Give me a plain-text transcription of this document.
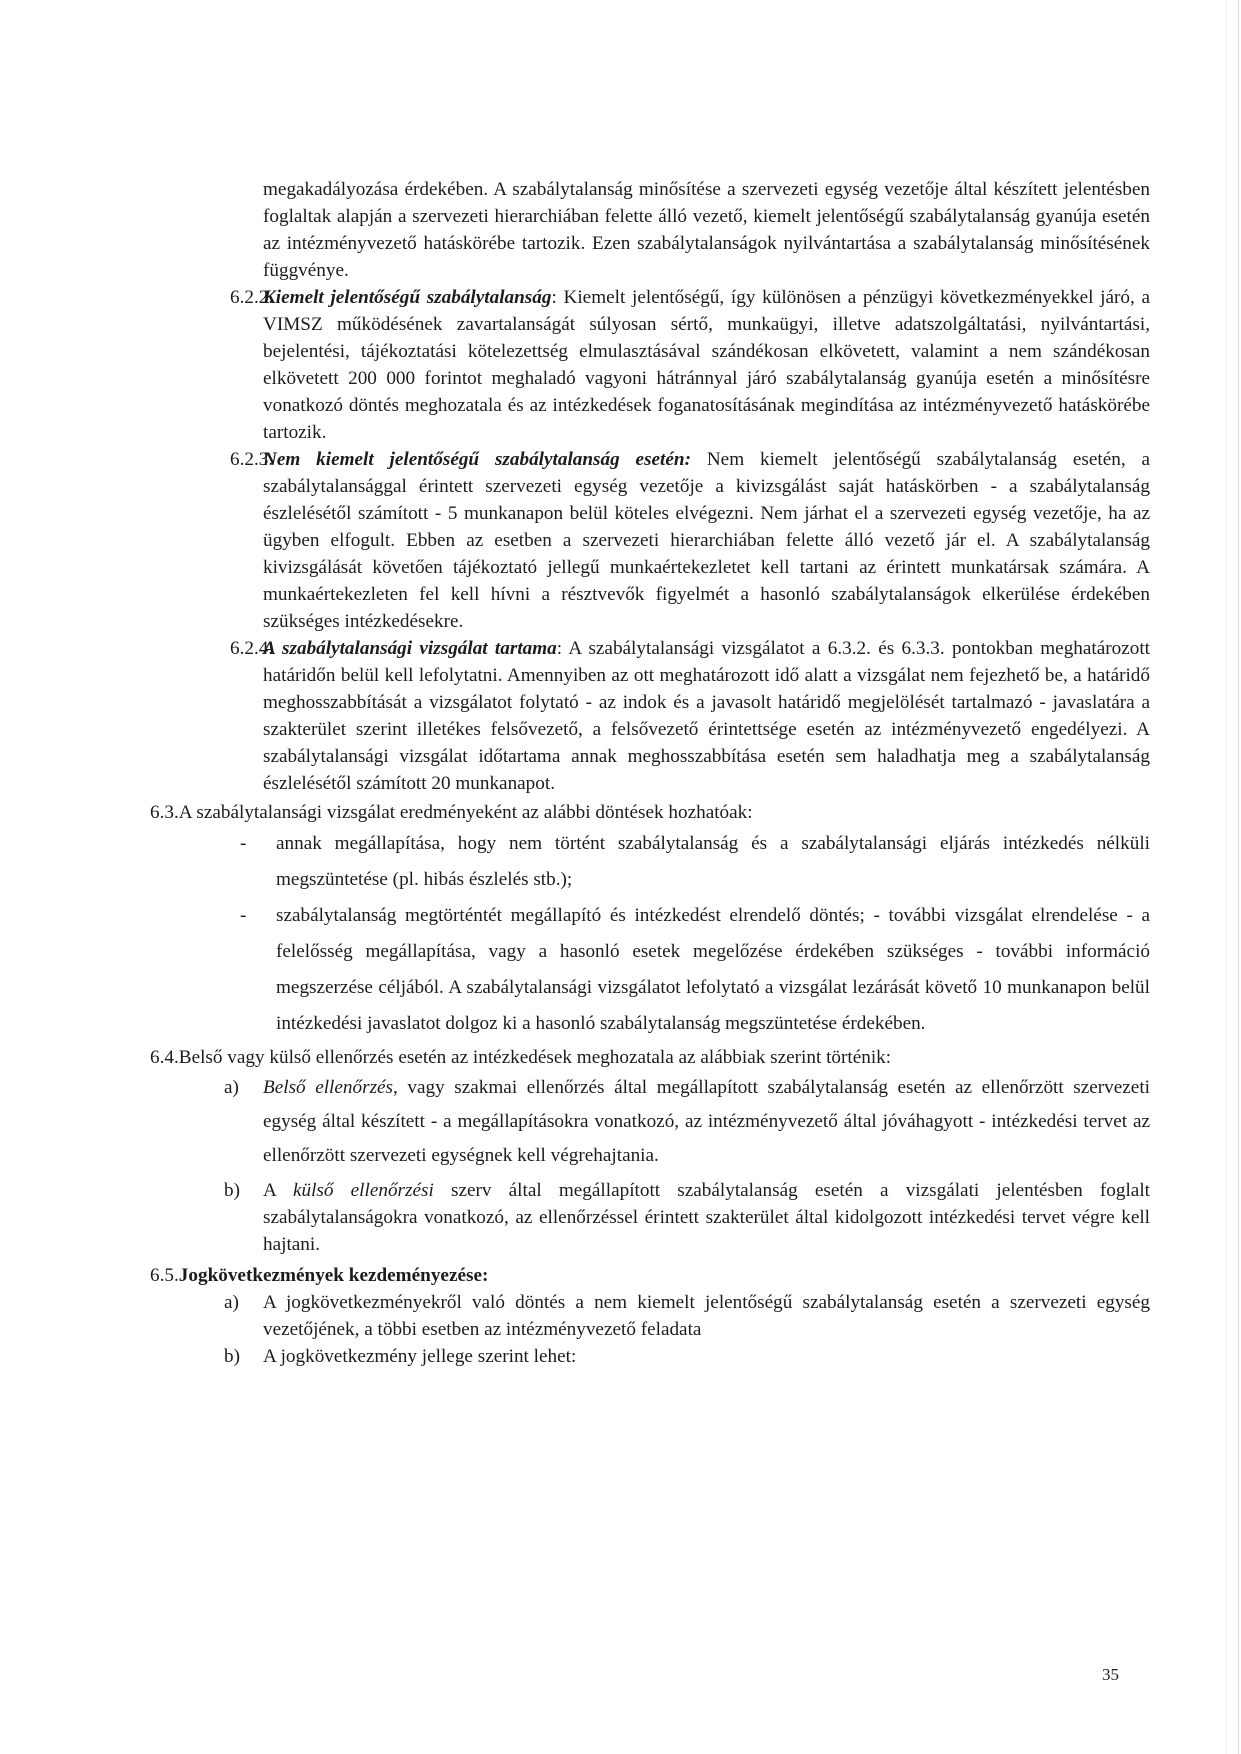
megakadályozása érdekében. A szabálytalanság minősítése a szervezeti egység vezetője által készített jelentésben foglaltak alapján a szervezeti hierarchiában felette álló vezető, kiemelt jelentőségű szabálytalanság gyanúja esetén az intézményvezető hatáskörébe tartozik. Ezen szabálytalanságok nyilvántartása a szabálytalanság minősítésének függvénye.

6.2.2.

Kiemelt jelentőségű szabálytalanság: Kiemelt jelentőségű, így különösen a pénzügyi következményekkel járó, a VIMSZ működésének zavartalanságát súlyosan sértő, munkaügyi, illetve adatszolgáltatási, nyilvántartási, bejelentési, tájékoztatási kötelezettség elmulasztásával szándékosan elkövetett, valamint a nem szándékosan elkövetett 200 000 forintot meghaladó vagyoni hátránnyal járó szabálytalanság gyanúja esetén a minősítésre vonatkozó döntés meghozatala és az intézkedések foganatosításának megindítása az intézményvezető hatáskörébe tartozik.

6.2.3.

Nem kiemelt jelentőségű szabálytalanság esetén: Nem kiemelt jelentőségű szabálytalanság esetén, a szabálytalansággal érintett szervezeti egység vezetője a kivizsgálást saját hatáskörben - a szabálytalanság észlelésétől számított - 5 munkanapon belül köteles elvégezni. Nem járhat el a szervezeti egység vezetője, ha az ügyben elfogult. Ebben az esetben a szervezeti hierarchiában felette álló vezető jár el. A szabálytalanság kivizsgálását követően tájékoztató jellegű munkaértekezletet kell tartani az érintett munkatársak számára. A munkaértekezleten fel kell hívni a résztvevők figyelmét a hasonló szabálytalanságok elkerülése érdekében szükséges intézkedésekre.

6.2.4.

A szabálytalansági vizsgálat tartama: A szabálytalansági vizsgálatot a 6.3.2. és 6.3.3. pontokban meghatározott határidőn belül kell lefolytatni. Amennyiben az ott meghatározott idő alatt a vizsgálat nem fejezhető be, a határidő meghosszabbítását a vizsgálatot folytató - az indok és a javasolt határidő megjelölését tartalmazó - javaslatára a szakterület szerint illetékes felsővezető, a felsővezető érintettsége esetén az intézményvezető engedélyezi. A szabálytalansági vizsgálat időtartama annak meghosszabbítása esetén sem haladhatja meg a szabálytalanság észlelésétől számított 20 munkanapot.

6.3.A szabálytalansági vizsgálat eredményeként az alábbi döntések hozhatóak:

- annak megállapítása, hogy nem történt szabálytalanság és a szabálytalansági eljárás intézkedés nélküli megszüntetése (pl. hibás észlelés stb.);

- szabálytalanság megtörténtét megállapító és intézkedést elrendelő döntés; - további vizsgálat elrendelése - a felelősség megállapítása, vagy a hasonló esetek megelőzése érdekében szükséges - további információ megszerzése céljából. A szabálytalansági vizsgálatot lefolytató a vizsgálat lezárását követő 10 munkanapon belül intézkedési javaslatot dolgoz ki a hasonló szabálytalanság megszüntetése érdekében.

6.4.Belső vagy külső ellenőrzés esetén az intézkedések meghozatala az alábbiak szerint történik:

a) Belső ellenőrzés, vagy szakmai ellenőrzés által megállapított szabálytalanság esetén az ellenőrzött szervezeti egység által készített - a megállapításokra vonatkozó, az intézményvezető által jóváhagyott - intézkedési tervet az ellenőrzött szervezeti egységnek kell végrehajtania.

b) A külső ellenőrzési szerv által megállapított szabálytalanság esetén a vizsgálati jelentésben foglalt szabálytalanságokra vonatkozó, az ellenőrzéssel érintett szakterület által kidolgozott intézkedési tervet végre kell hajtani.

6.5.Jogkövetkezmények kezdeményezése:

a) A jogkövetkezményekről való döntés a nem kiemelt jelentőségű szabálytalanság esetén a szervezeti egység vezetőjének, a többi esetben az intézményvezető feladata

b) A jogkövetkezmény jellege szerint lehet:

35
